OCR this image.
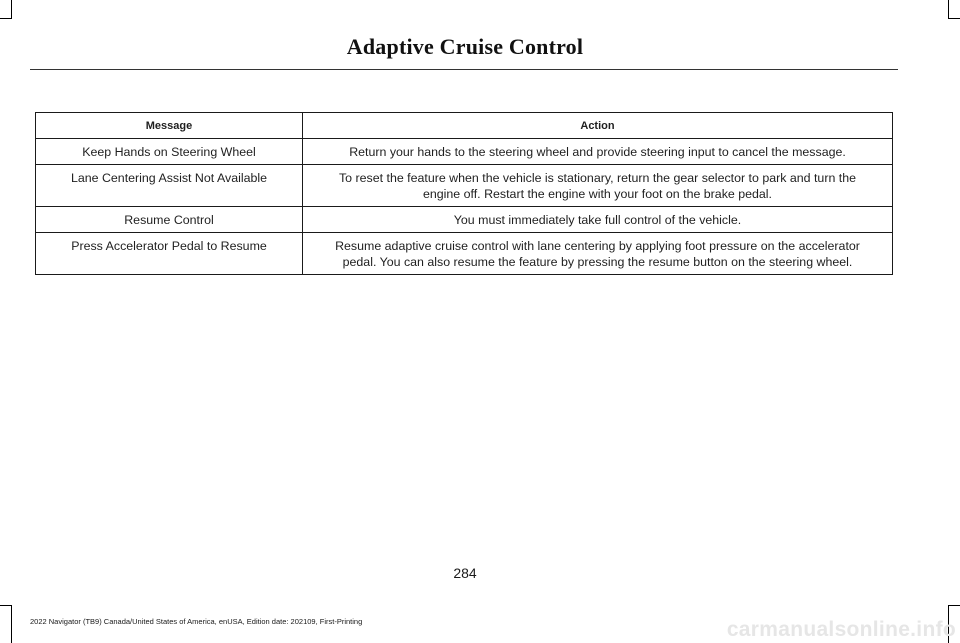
Adaptive Cruise Control
Message	Action
Keep Hands on Steering Wheel	Return your hands to the steering wheel and provide steering input to cancel the message.

Lane Centering Assist Not Available	To reset the feature when the vehicle is stationary, return the gear selector to park and turn the
engine off. Restart the engine with your foot on the brake pedal.

Resume Control	You must immediately take full control of the vehicle.

Press Accelerator Pedal to Resume	Resume adaptive cruise control with lane centering by applying foot pressure on the accelerator
pedal. You can also resume the feature by pressing the resume button on the steering wheel.
284
2022 Navigator (TB9) Canada/United States of America, enUSA, Edition date: 202109, First-Printing	carmanualsonline.info
